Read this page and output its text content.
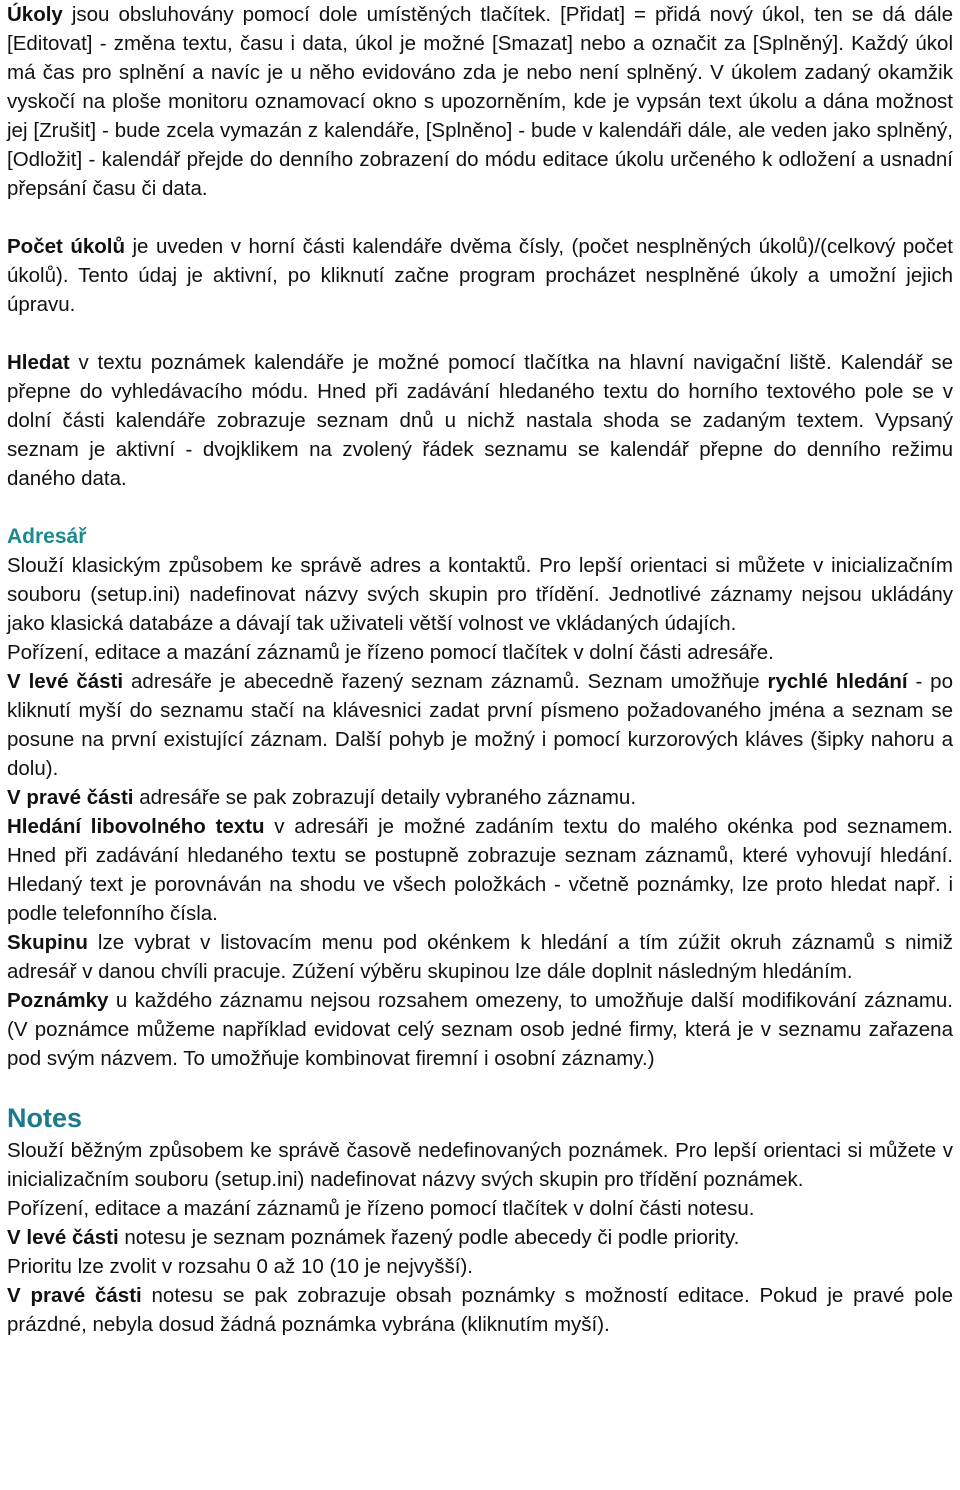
Úkoly jsou obsluhovány pomocí dole umístěných tlačítek. [Přidat] = přidá nový úkol, ten se dá dále [Editovat] - změna textu, času i data, úkol je možné [Smazat] nebo a označit za [Splněný]. Každý úkol má čas pro splnění a navíc je u něho evidováno zda je nebo není splněný. V úkolem zadaný okamžik vyskočí na ploše monitoru oznamovací okno s upozorněním, kde je vypsán text úkolu a dána možnost jej [Zrušit] - bude zcela vymazán z kalendáře, [Splněno] - bude v kalendáři dále, ale veden jako splněný, [Odložit] - kalendář přejde do denního zobrazení do módu editace úkolu určeného k odložení a usnadní přepsání času či data.

Počet úkolů je uveden v horní části kalendáře dvěma čísly, (počet nesplněných úkolů)/(celkový počet úkolů). Tento údaj je aktivní, po kliknutí začne program procházet nesplněné úkoly a umožní jejich úpravu.

Hledat v textu poznámek kalendáře je možné pomocí tlačítka na hlavní navigační liště. Kalendář se přepne do vyhledávacího módu. Hned při zadávání hledaného textu do horního textového pole se v dolní části kalendáře zobrazuje seznam dnů u nichž nastala shoda se zadaným textem. Vypsaný seznam je aktivní - dvojklikem na zvolený řádek seznamu se kalendář přepne do denního režimu daného data.

Adresář

Slouží klasickým způsobem ke správě adres a kontaktů. Pro lepší orientaci si můžete v inicializačním souboru (setup.ini) nadefinovat názvy svých skupin pro třídění. Jednotlivé záznamy nejsou ukládány jako klasická databáze a dávají tak uživateli větší volnost ve vkládaných údajích.

Pořízení, editace a mazání záznamů je řízeno pomocí tlačítek v dolní části adresáře.

V levé části adresáře je abecedně řazený seznam záznamů. Seznam umožňuje rychlé hledání - po kliknutí myší do seznamu stačí na klávesnici zadat první písmeno požadovaného jména a seznam se posune na první existující záznam. Další pohyb je možný i pomocí kurzorových kláves (šipky nahoru a dolu).

V pravé části adresáře se pak zobrazují detaily vybraného záznamu.

Hledání libovolného textu v adresáři je možné zadáním textu do malého okénka pod seznamem. Hned při zadávání hledaného textu se postupně zobrazuje seznam záznamů, které vyhovují hledání. Hledaný text je porovnáván na shodu ve všech položkách - včetně poznámky, lze proto hledat např. i podle telefonního čísla.

Skupinu lze vybrat v listovacím menu pod okénkem k hledání a tím zúžit okruh záznamů s nimiž adresář v danou chvíli pracuje. Zúžení výběru skupinou lze dále doplnit následným hledáním.

Poznámky u každého záznamu nejsou rozsahem omezeny, to umožňuje další modifikování záznamu. (V poznámce můžeme například evidovat celý seznam osob jedné firmy, která je v seznamu zařazena pod svým názvem. To umožňuje kombinovat firemní i osobní záznamy.)

Notes

Slouží běžným způsobem ke správě časově nedefinovaných poznámek. Pro lepší orientaci si můžete v inicializačním souboru (setup.ini) nadefinovat názvy svých skupin pro třídění poznámek.

Pořízení, editace a mazání záznamů je řízeno pomocí tlačítek v dolní části notesu.

V levé části notesu je seznam poznámek řazený podle abecedy či podle priority.

Prioritu lze zvolit v rozsahu 0 až 10 (10 je nejvyšší).

V pravé části notesu se pak zobrazuje obsah poznámky s možností editace. Pokud je pravé pole prázdné, nebyla dosud žádná poznámka vybrána (kliknutím myší).
